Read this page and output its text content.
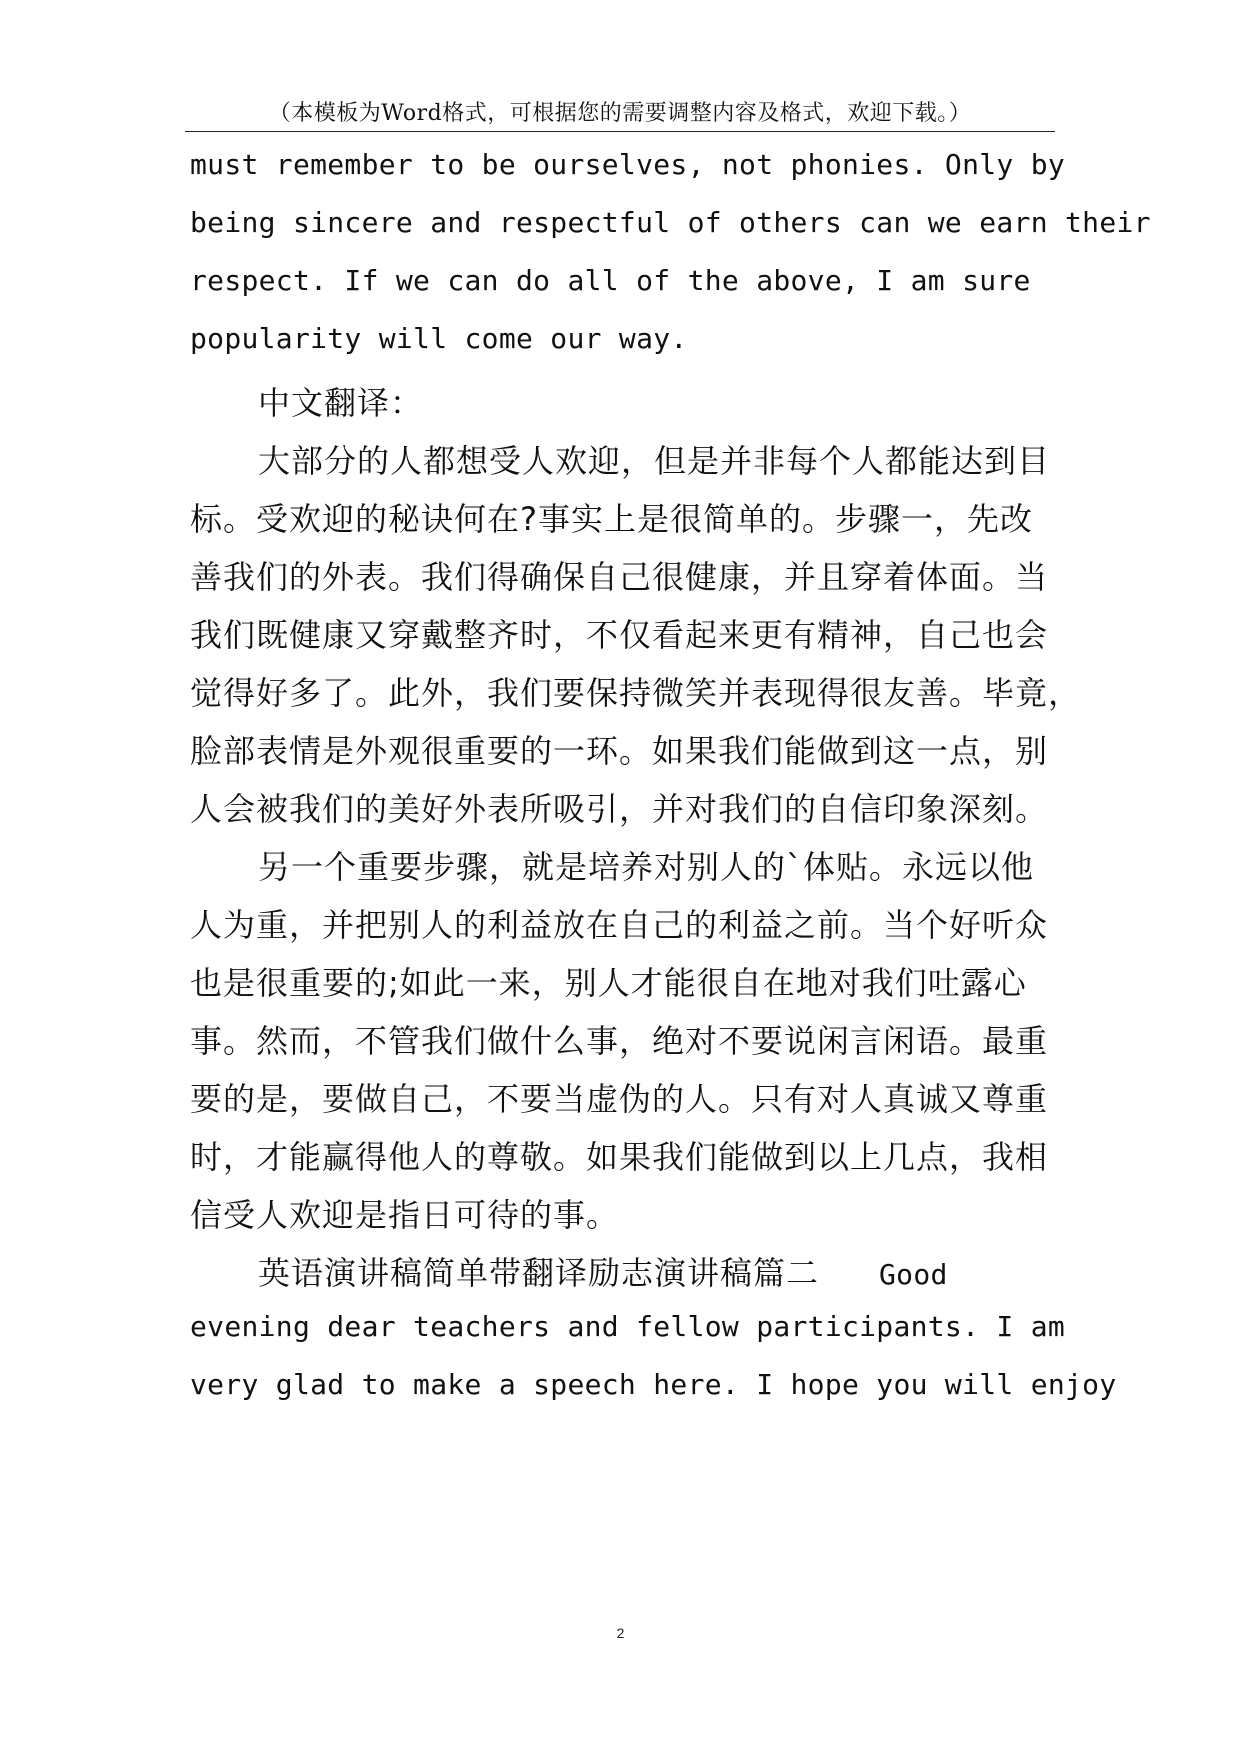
（本模板为Word格式，可根据您的需要调整内容及格式，欢迎下载。）
must remember to be ourselves, not phonies. Only by
being sincere and respectful of others can we earn their
respect. If we can do all of the above, I am sure
popularity will come our way.
中文翻译：
大部分的人都想受人欢迎，但是并非每个人都能达到目
标。受欢迎的秘诀何在?事实上是很简单的。步骤一，先改
善我们的外表。我们得确保自己很健康，并且穿着体面。当
我们既健康又穿戴整齐时，不仅看起来更有精神，自己也会
觉得好多了。此外，我们要保持微笑并表现得很友善。毕竟，
脸部表情是外观很重要的一环。如果我们能做到这一点，别
人会被我们的美好外表所吸引，并对我们的自信印象深刻。
另一个重要步骤，就是培养对别人的`体贴。永远以他
人为重，并把别人的利益放在自己的利益之前。当个好听众
也是很重要的;如此一来，别人才能很自在地对我们吐露心
事。然而，不管我们做什么事，绝对不要说闲言闲语。最重
要的是，要做自己，不要当虚伪的人。只有对人真诚又尊重
时，才能赢得他人的尊敬。如果我们能做到以上几点，我相
信受人欢迎是指日可待的事。
英语演讲稿简单带翻译励志演讲稿篇二 Good
evening dear teachers and fellow participants. I am
very glad to make a speech here. I hope you will enjoy
2
